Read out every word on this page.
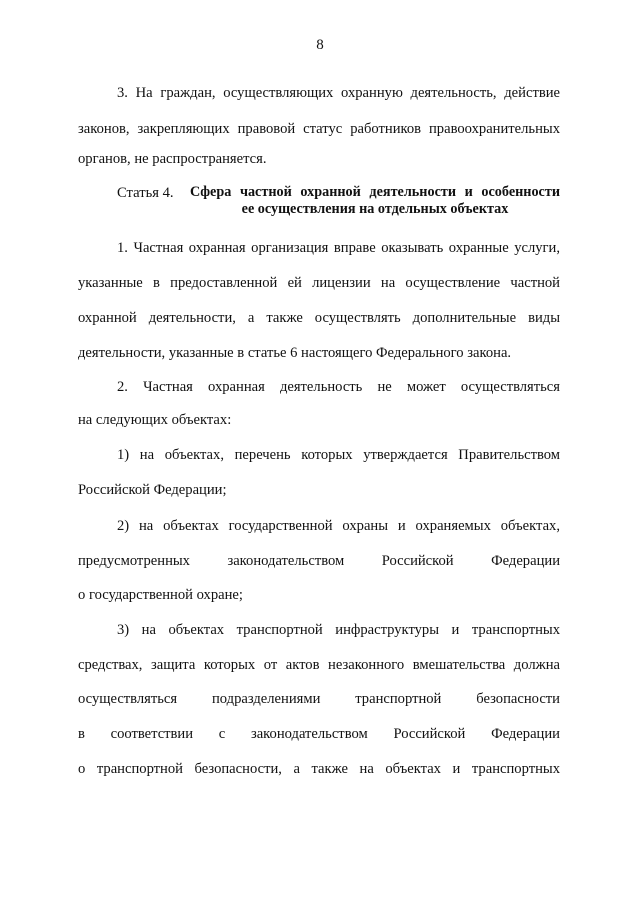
8
3. На граждан, осуществляющих охранную деятельность, действие
законов, закрепляющих правовой статус работников правоохранительных
органов, не распространяется.
Статья 4. Сфера частной охранной деятельности и особенности
ее осуществления на отдельных объектах
1. Частная охранная организация вправе оказывать охранные услуги,
указанные в предоставленной ей лицензии на осуществление частной
охранной деятельности, а также осуществлять дополнительные виды
деятельности, указанные в статье 6 настоящего Федерального закона.
2. Частная охранная деятельность не может осуществляться
на следующих объектах:
1) на объектах, перечень которых утверждается Правительством
Российской Федерации;
2) на объектах государственной охраны и охраняемых объектах,
предусмотренных законодательством Российской Федерации
о государственной охране;
3) на объектах транспортной инфраструктуры и транспортных
средствах, защита которых от актов незаконного вмешательства должна
осуществляться подразделениями транспортной безопасности
в соответствии с законодательством Российской Федерации
о транспортной безопасности, а также на объектах и транспортных
